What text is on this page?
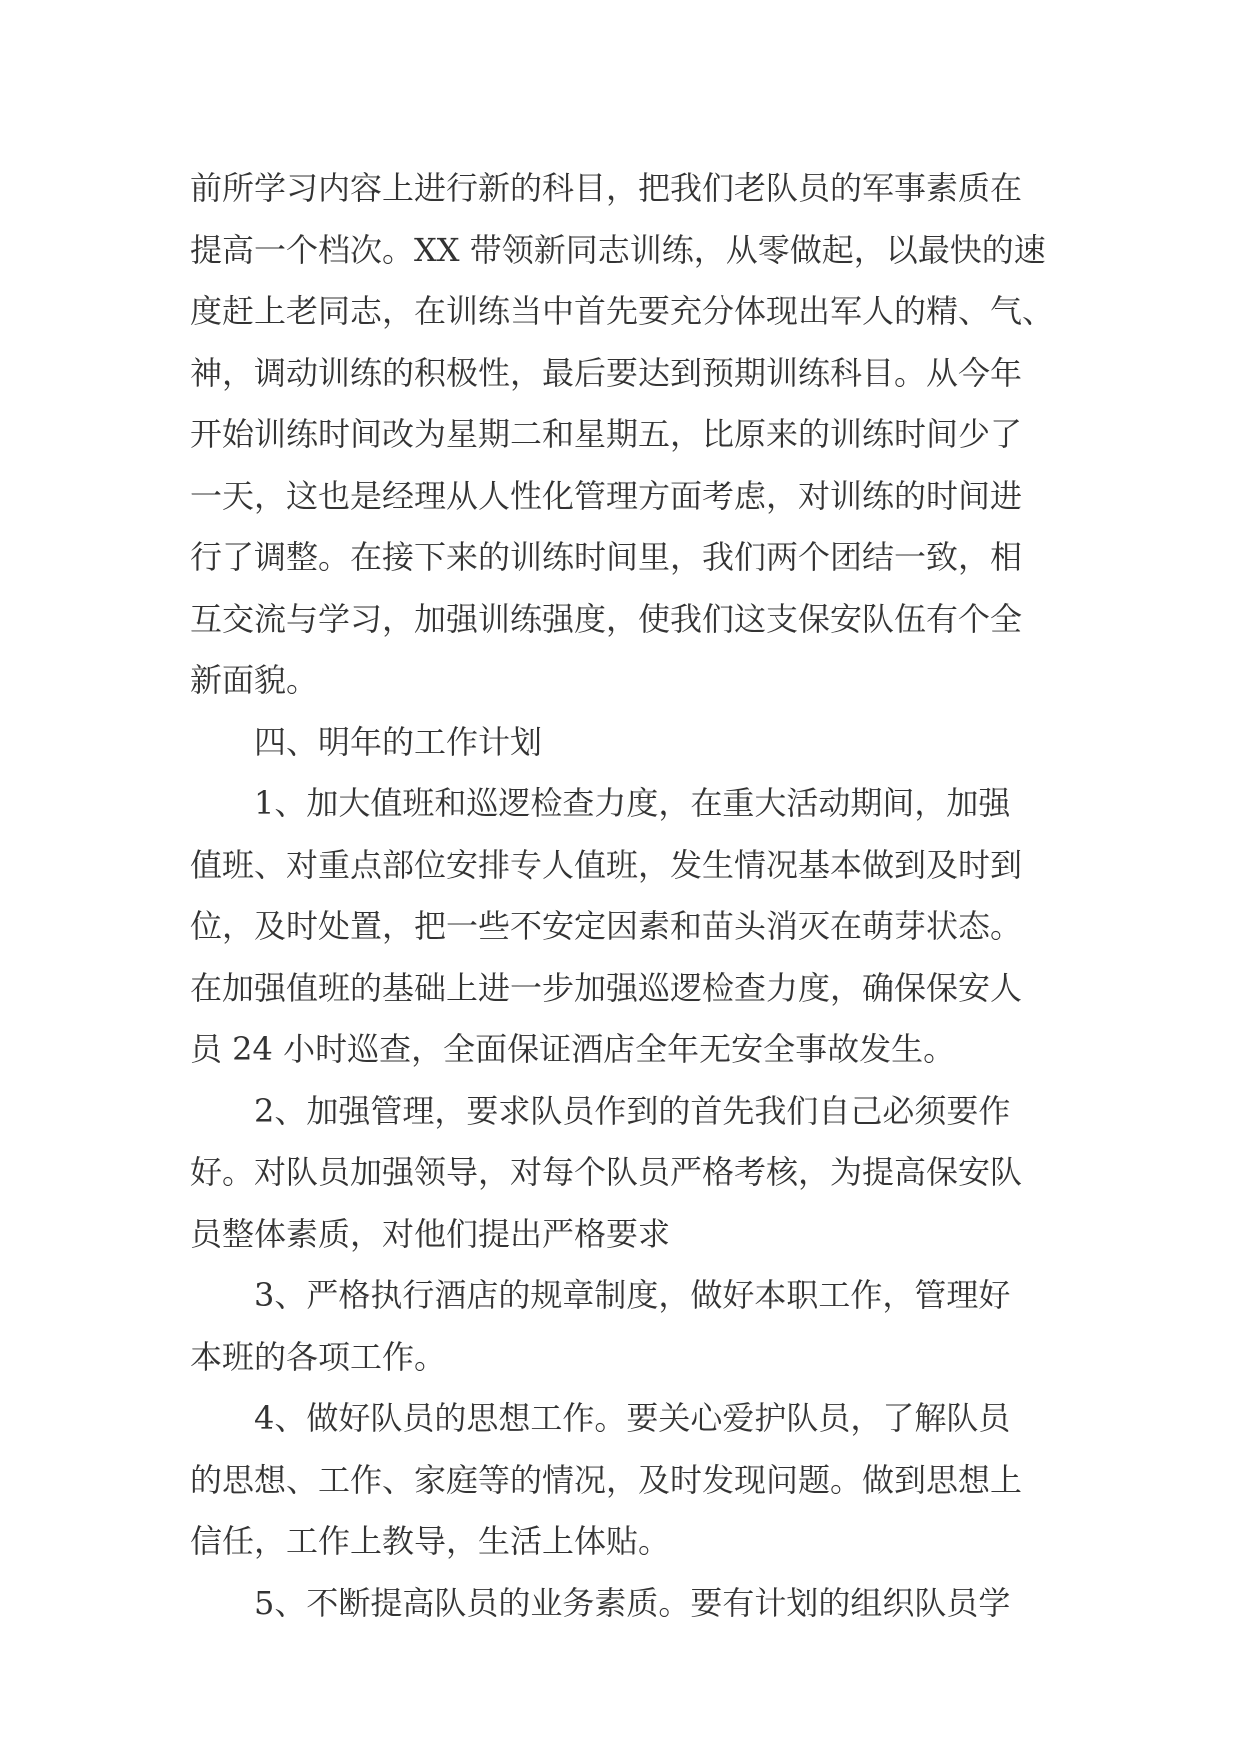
前所学习内容上进行新的科目，把我们老队员的军事素质在
提高一个档次。XX 带领新同志训练，从零做起，以最快的速
度赶上老同志，在训练当中首先要充分体现出军人的精、气、
神，调动训练的积极性，最后要达到预期训练科目。从今年
开始训练时间改为星期二和星期五，比原来的训练时间少了
一天，这也是经理从人性化管理方面考虑，对训练的时间进
行了调整。在接下来的训练时间里，我们两个团结一致，相
互交流与学习，加强训练强度，使我们这支保安队伍有个全
新面貌。
四、明年的工作计划
1、加大值班和巡逻检查力度，在重大活动期间，加强
值班、对重点部位安排专人值班，发生情况基本做到及时到
位，及时处置，把一些不安定因素和苗头消灭在萌芽状态。
在加强值班的基础上进一步加强巡逻检查力度，确保保安人
员 24 小时巡查，全面保证酒店全年无安全事故发生。
2、加强管理，要求队员作到的首先我们自己必须要作
好。对队员加强领导，对每个队员严格考核，为提高保安队
员整体素质，对他们提出严格要求
3、严格执行酒店的规章制度，做好本职工作，管理好
本班的各项工作。
4、做好队员的思想工作。要关心爱护队员，了解队员
的思想、工作、家庭等的情况，及时发现问题。做到思想上
信任，工作上教导，生活上体贴。
5、不断提高队员的业务素质。要有计划的组织队员学
